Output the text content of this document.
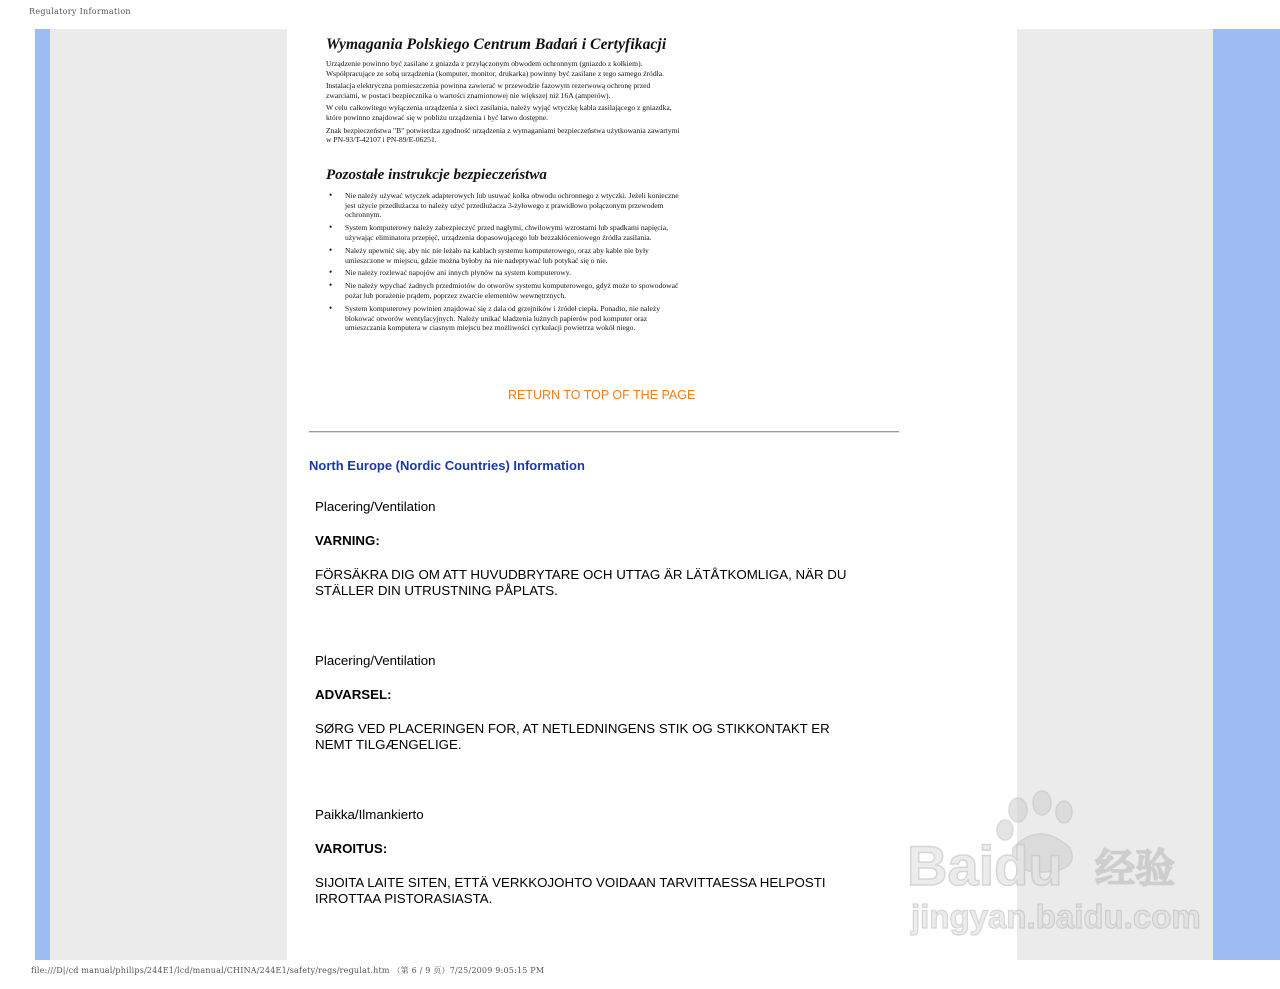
Regulatory Information
Wymagania Polskiego Centrum Badań i Certyfikacji

Urządzenie powinno być zasilane z gniazda z przyłączonym obwodem ochronnym (gniazdo z kołkiem). Współpracujące ze sobą urządzenia (komputer, monitor, drukarka) powinny być zasilane z tego samego źródła.

Instalacja elektryczna pomieszczenia powinna zawierać w przewodzie fazowym rezerwową ochronę przed zwarciami, w postaci bezpiecznika o wartości znamionowej nie większej niż 16A (amperów).

W celu całkowitego wyłączenia urządzenia z sieci zasilania, należy wyjąć wtyczkę kabla zasilającego z gniazdka, które powinno znajdować się w pobliżu urządzenia i być łatwo dostępne.

Znak bezpieczeństwa "B" potwierdza zgodność urządzenia z wymaganiami bezpieczeństwa użytkowania zawartymi w PN-93/T-42107 i PN-89/E-06251.

Pozostałe instrukcje bezpieczeństwa
• Nie należy używać wtyczek adapterowych lub usuwać kołka obwodu ochronnego z wtyczki. Jeżeli konieczne jest użycie przedłużacza to należy użyć przedłużacza 3-żyłowego z prawidłowo połączonym przewodem ochronnym.
• System komputerowy należy zabezpieczyć przed nagłymi, chwilowymi wzrostami lub spadkami napięcia, używając eliminatora przepięć, urządzenia dopasowującego lub bezzakłóceniowego źródła zasilania.
• Należy upewnić się, aby nic nie leżało na kablach systemu komputerowego, oraz aby kable nie były umieszczone w miejscu, gdzie można byłoby na nie nadeptywać lub potykać się o nie.
• Nie należy rozlewać napojów ani innych płynów na system komputerowy.
• Nie należy wpychać żadnych przedmiotów do otworów systemu komputerowego, gdyż może to spowodować pożar lub porażenie prądem, poprzez zwarcie elementów wewnętrznych.
• System komputerowy powinien znajdować się z dala od grzejników i źródeł ciepła. Ponadto, nie należy blokować otworów wentylacyjnych. Należy unikać kładzenia lużnych papierów pod komputer oraz umieszczania komputera w ciasnym miejscu bez możliwości cyrkulacji powietrza wokół niego.
RETURN TO TOP OF THE PAGE
North Europe (Nordic Countries) Information

Placering/Ventilation

VARNING:

FÖRSÄKRA DIG OM ATT HUVUDBRYTARE OCH UTTAG ÄR LÄTÅTKOMLIGA, NÄR DU STÄLLER DIN UTRUSTNING PÅPLATS.

Placering/Ventilation

ADVARSEL:

SØRG VED PLACERINGEN FOR, AT NETLEDNINGENS STIK OG STIKKONTAKT ER NEMT TILGÆNGELIGE.

Paikka/Ilmankierto

VAROITUS:

SIJOITA LAITE SITEN, ETTÄ VERKKOJOHTO VOIDAAN TARVITTAESSA HELPOSTI IRROTTAA PISTORASIASTA.

Baidu 经验
jingyan.baidu.com
file:///D|/cd manual/philips/244E1/lcd/manual/CHINA/244E1/safety/regs/regulat.htm （第 6 / 9 页）7/25/2009 9:05:15 PM
